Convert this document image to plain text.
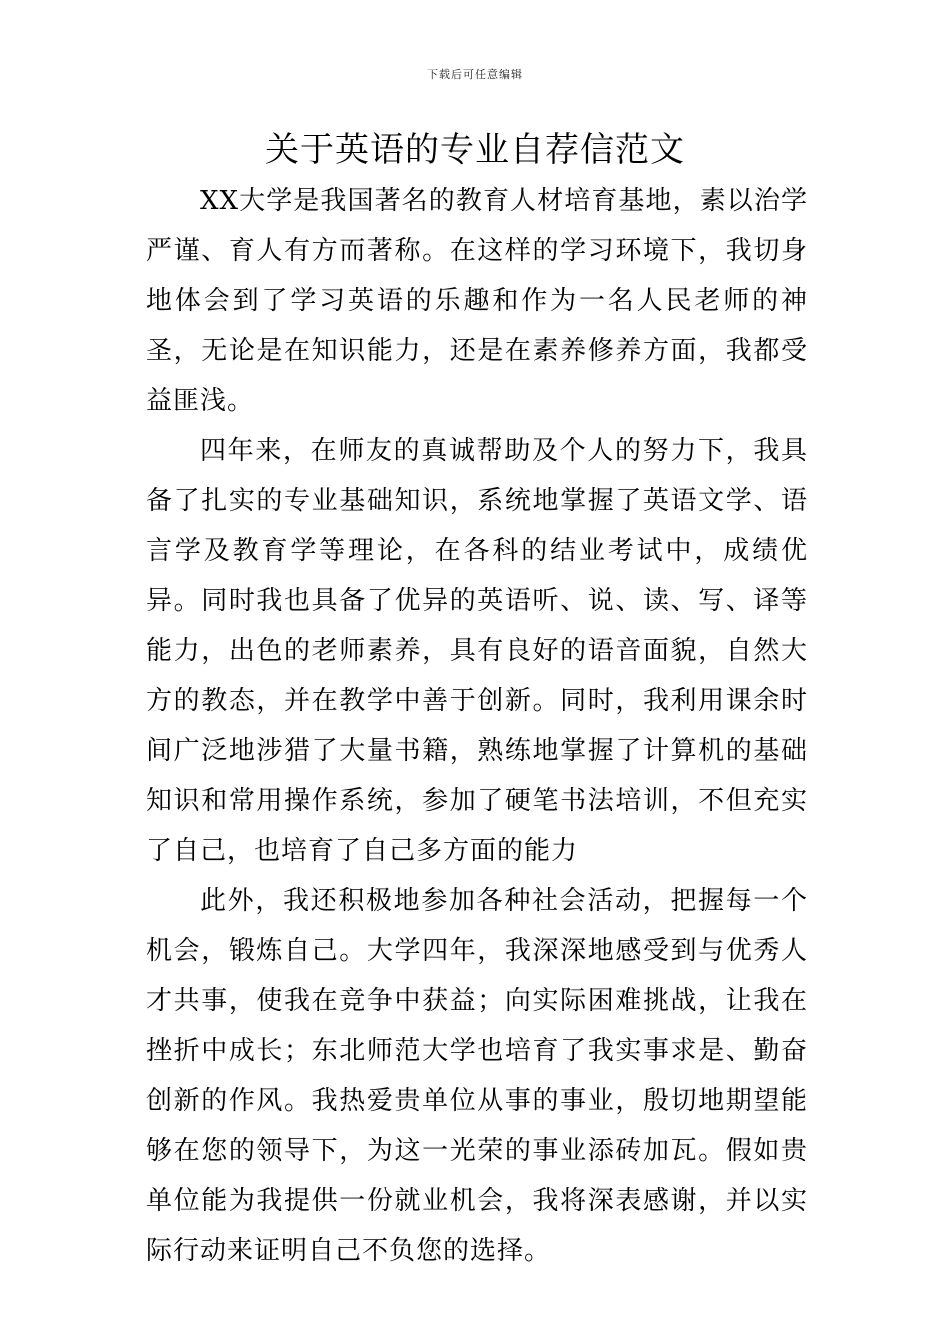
下载后可任意编辑
关于英语的专业自荐信范文

XX大学是我国著名的教育人材培育基地，素以治学严谨、育人有方而著称。在这样的学习环境下，我切身地体会到了学习英语的乐趣和作为一名人民老师的神圣，无论是在知识能力，还是在素养修养方面，我都受益匪浅。

四年来，在师友的真诚帮助及个人的努力下，我具备了扎实的专业基础知识，系统地掌握了英语文学、语言学及教育学等理论，在各科的结业考试中，成绩优异。同时我也具备了优异的英语听、说、读、写、译等能力，出色的老师素养，具有良好的语音面貌，自然大方的教态，并在教学中善于创新。同时，我利用课余时间广泛地涉猎了大量书籍，熟练地掌握了计算机的基础知识和常用操作系统，参加了硬笔书法培训，不但充实了自己，也培育了自己多方面的能力

此外，我还积极地参加各种社会活动，把握每一个机会，锻炼自己。大学四年，我深深地感受到与优秀人才共事，使我在竞争中获益；向实际困难挑战，让我在挫折中成长；东北师范大学也培育了我实事求是、勤奋创新的作风。我热爱贵单位从事的事业，殷切地期望能够在您的领导下，为这一光荣的事业添砖加瓦。假如贵单位能为我提供一份就业机会，我将深表感谢，并以实际行动来证明自己不负您的选择。
